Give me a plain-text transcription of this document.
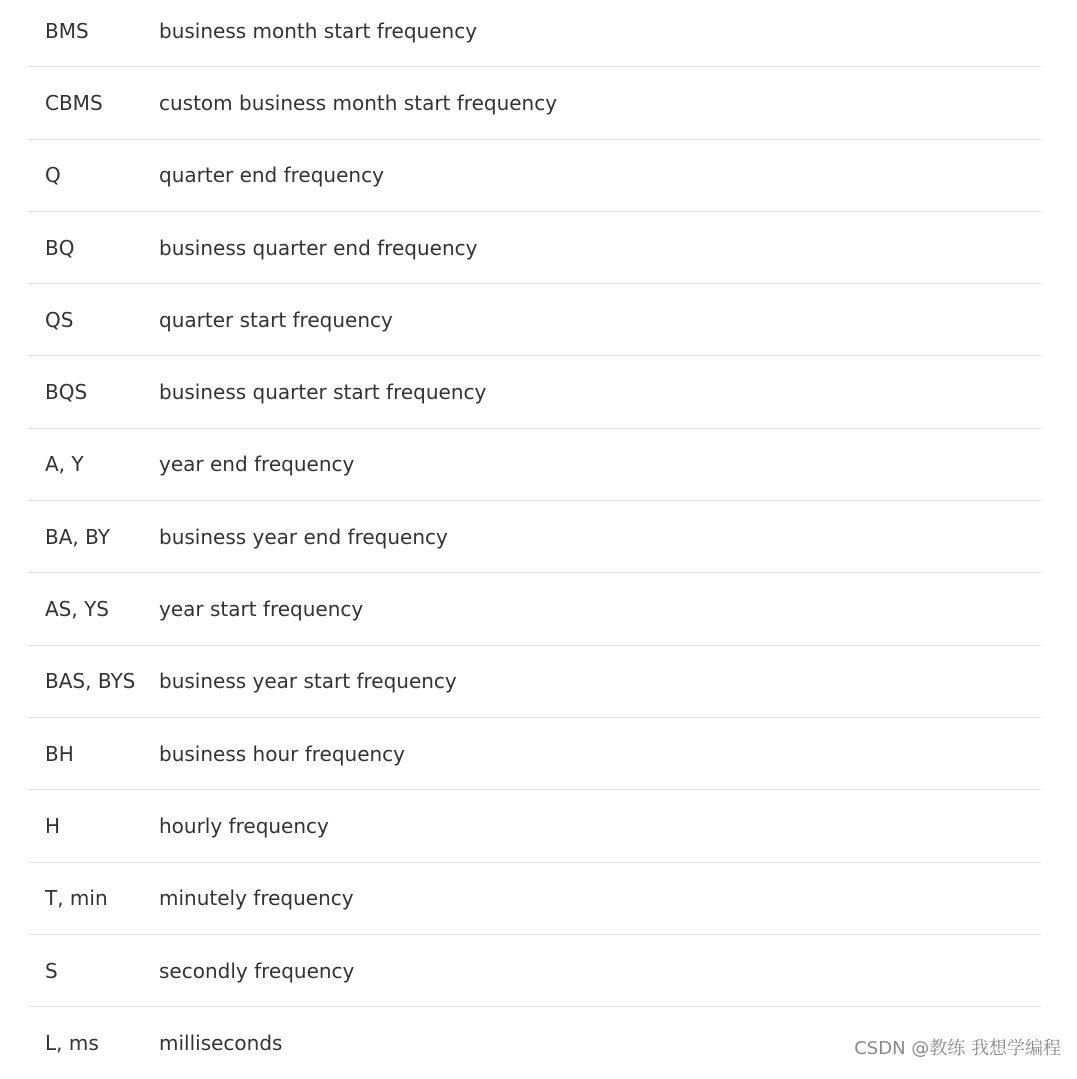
BMS	business month start frequency
CBMS	custom business month start frequency
Q	quarter end frequency
BQ	business quarter end frequency
QS	quarter start frequency
BQS	business quarter start frequency
A, Y	year end frequency
BA, BY	business year end frequency
AS, YS	year start frequency
BAS, BYS	business year start frequency
BH	business hour frequency
H	hourly frequency
T, min	minutely frequency
S	secondly frequency
L, ms	milliseconds	CSDN @教练 我想学编程
